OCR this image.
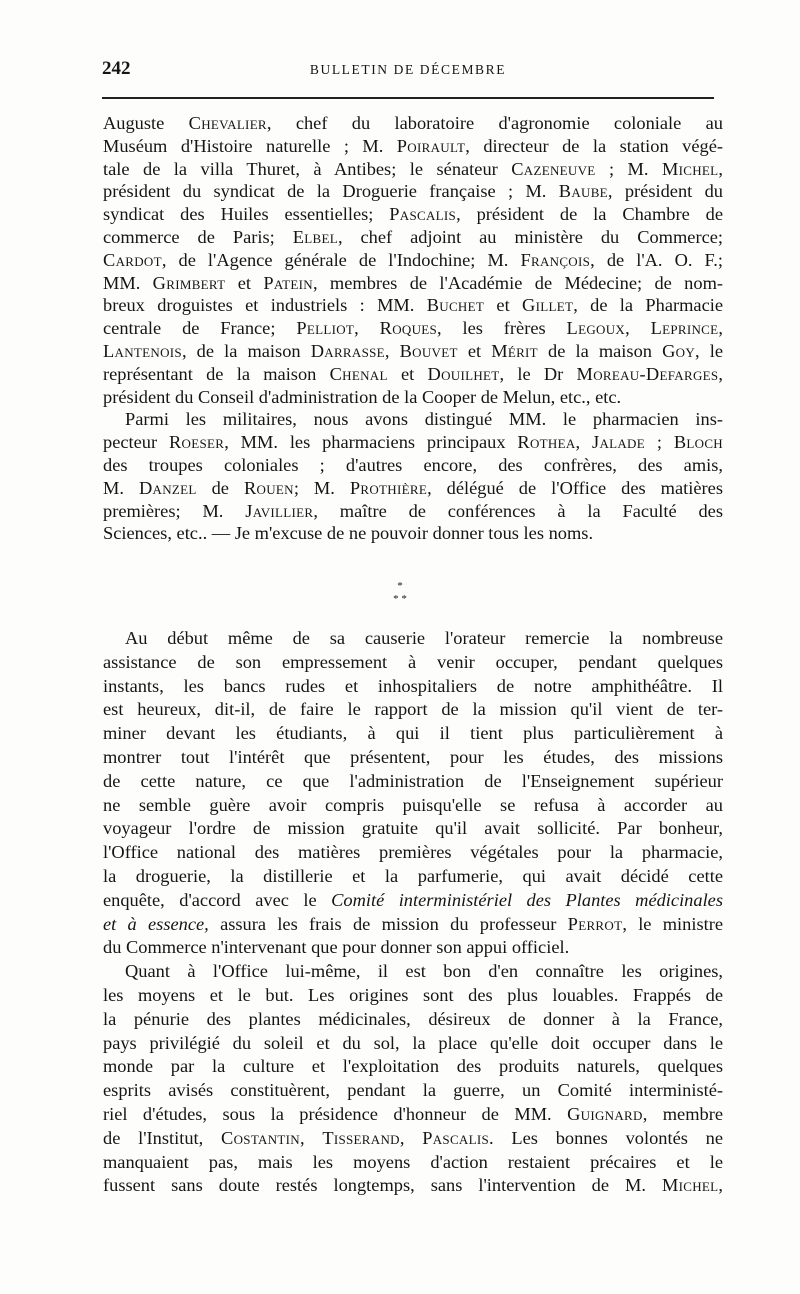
242	BULLETIN DE DÉCEMBRE
Auguste Chevalier, chef du laboratoire d'agronomie coloniale au
Muséum d'Histoire naturelle ; M. Poirault, directeur de la station végé-
tale de la villa Thuret, à Antibes; le sénateur Cazeneuve ; M. Michel,
président du syndicat de la Droguerie française ; M. Baube, président du
syndicat des Huiles essentielles; Pascalis, président de la Chambre de
commerce de Paris; Elbel, chef adjoint au ministère du Commerce;
Cardot, de l'Agence générale de l'Indochine; M. François, de l'A. O. F.;
MM. Grimbert et Patein, membres de l'Académie de Médecine; de nom-
breux droguistes et industriels : MM. Buchet et Gillet, de la Pharmacie
centrale de France; Pelliot, Roques, les frères Legoux, Leprince,
Lantenois, de la maison Darrasse, Bouvet et Mérit de la maison Goy, le
représentant de la maison Chenal et Douilhet, le Dr Moreau-Defarges,
président du Conseil d'administration de la Cooper de Melun, etc., etc.
Parmi les militaires, nous avons distingué MM. le pharmacien ins-
pecteur Roeser, MM. les pharmaciens principaux Rothea, Jalade ; Bloch
des troupes coloniales ; d'autres encore, des confrères, des amis,
M. Danzel de Rouen; M. Prothière, délégué de l'Office des matières
premières; M. Javillier, maître de conférences à la Faculté des
Sciences, etc.. — Je m'excuse de ne pouvoir donner tous les noms.
*
* *
Au début même de sa causerie l'orateur remercie la nombreuse
assistance de son empressement à venir occuper, pendant quelques
instants, les bancs rudes et inhospitaliers de notre amphithéâtre. Il
est heureux, dit-il, de faire le rapport de la mission qu'il vient de ter-
miner devant les étudiants, à qui il tient plus particulièrement à
montrer tout l'intérêt que présentent, pour les études, des missions
de cette nature, ce que l'administration de l'Enseignement supérieur
ne semble guère avoir compris puisqu'elle se refusa à accorder au
voyageur l'ordre de mission gratuite qu'il avait sollicité. Par bonheur,
l'Office national des matières premières végétales pour la pharmacie,
la droguerie, la distillerie et la parfumerie, qui avait décidé cette
enquête, d'accord avec le Comité interministériel des Plantes médicinales
et à essence, assura les frais de mission du professeur Perrot, le ministre
du Commerce n'intervenant que pour donner son appui officiel.
Quant à l'Office lui-même, il est bon d'en connaître les origines,
les moyens et le but. Les origines sont des plus louables. Frappés de
la pénurie des plantes médicinales, désireux de donner à la France,
pays privilégié du soleil et du sol, la place qu'elle doit occuper dans le
monde par la culture et l'exploitation des produits naturels, quelques
esprits avisés constituèrent, pendant la guerre, un Comité interministé-
riel d'études, sous la présidence d'honneur de MM. Guignard, membre
de l'Institut, Costantin, Tisserand, Pascalis. Les bonnes volontés ne
manquaient pas, mais les moyens d'action restaient précaires et le
fussent sans doute restés longtemps, sans l'intervention de M. Michel,
